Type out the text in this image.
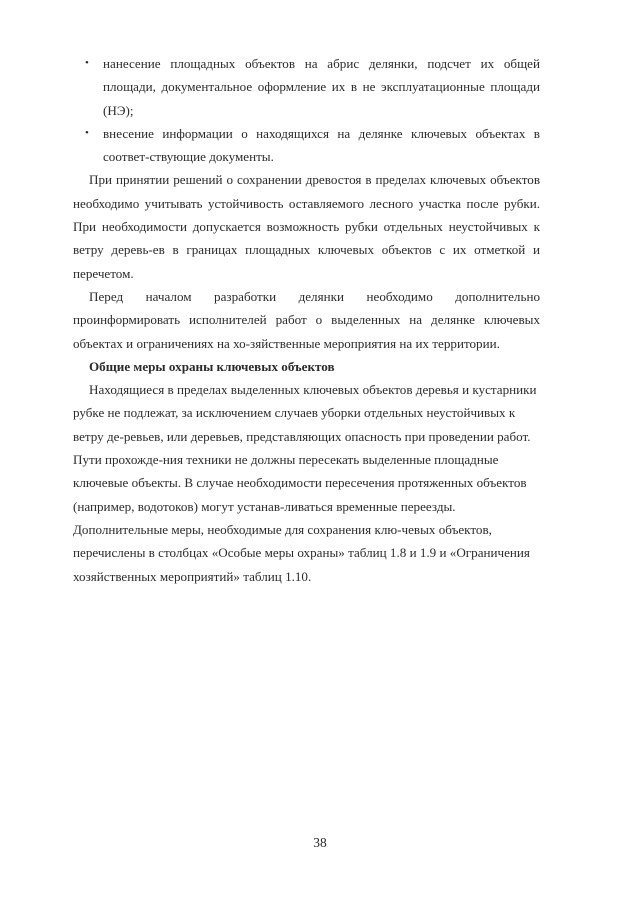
• нанесение площадных объектов на абрис делянки, подсчет их общей площади, документальное оформление их в не эксплуатационные площади (НЭ);
• внесение информации о находящихся на делянке ключевых объектах в соответ-ствующие документы.

При принятии решений о сохранении древостоя в пределах ключевых объектов необходимо учитывать устойчивость оставляемого лесного участка после рубки. При необходимости допускается возможность рубки отдельных неустойчивых к ветру деревь-ев в границах площадных ключевых объектов с их отметкой и перечетом.

Перед началом разработки делянки необходимо дополнительно проинформировать исполнителей работ о выделенных на делянке ключевых объектах и ограничениях на хо-зяйственные мероприятия на их территории.

Общие меры охраны ключевых объектов

Находящиеся в пределах выделенных ключевых объектов деревья и кустарники рубке не подлежат, за исключением случаев уборки отдельных неустойчивых к ветру де-ревьев, или деревьев, представляющих опасность при проведении работ. Пути прохожде-ния техники не должны пересекать выделенные площадные ключевые объекты. В случае необходимости пересечения протяженных объектов (например, водотоков) могут устанав-ливаться временные переезды. Дополнительные меры, необходимые для сохранения клю-чевых объектов, перечислены в столбцах «Особые меры охраны» таблиц 1.8 и 1.9 и «Ограничения хозяйственных мероприятий» таблиц 1.10.

38
